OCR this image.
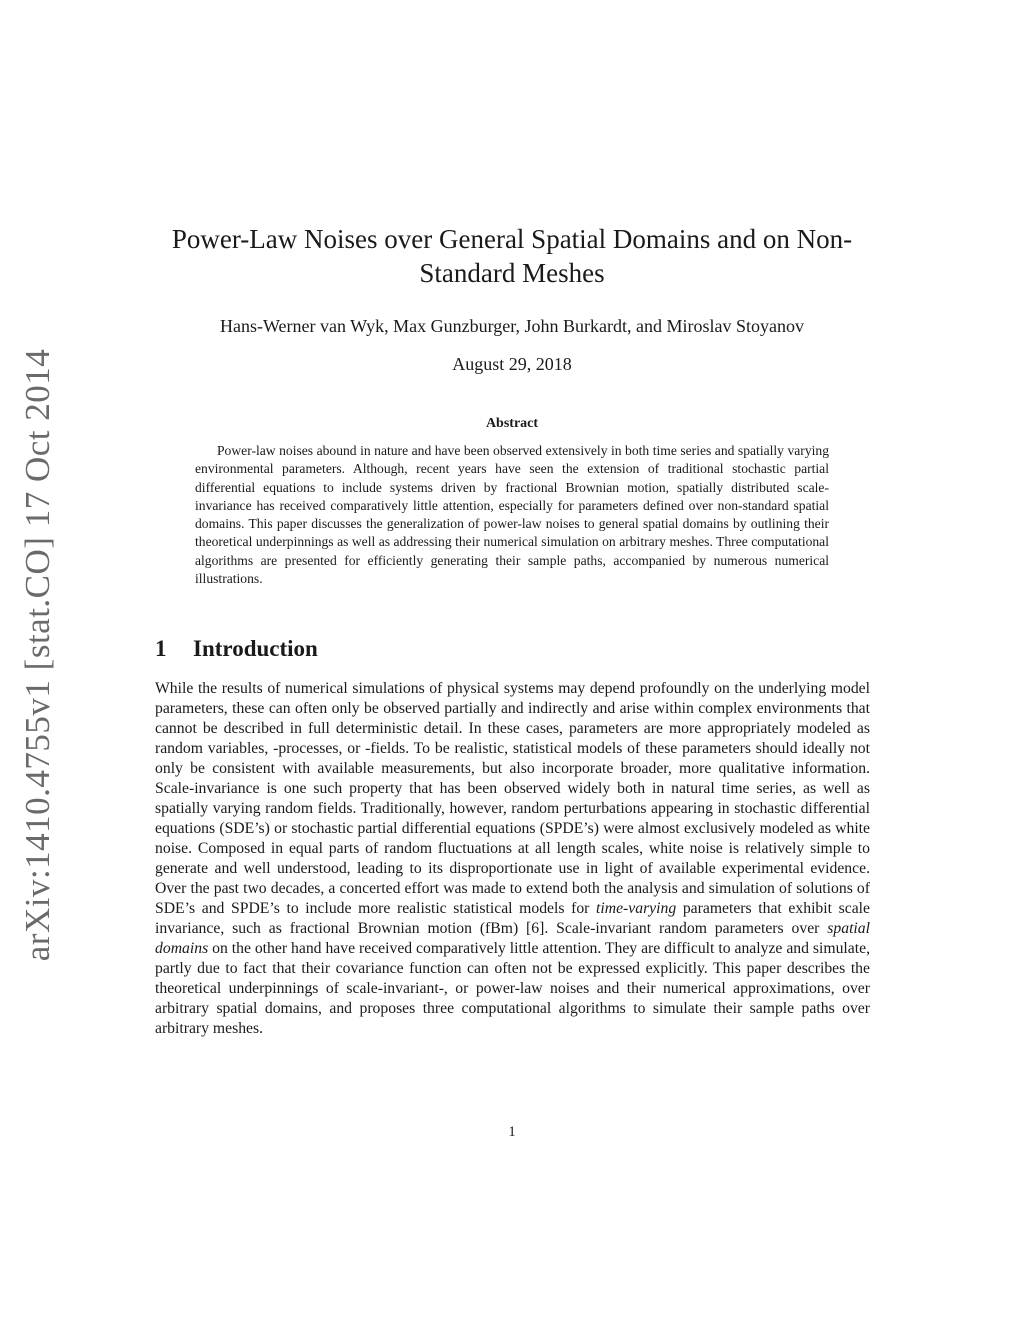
arXiv:1410.4755v1 [stat.CO] 17 Oct 2014
Power-Law Noises over General Spatial Domains and on Non-Standard Meshes
Hans-Werner van Wyk, Max Gunzburger, John Burkardt, and Miroslav Stoyanov
August 29, 2018
Abstract

Power-law noises abound in nature and have been observed extensively in both time series and spatially varying environmental parameters. Although, recent years have seen the extension of traditional stochastic partial differential equations to include systems driven by fractional Brownian motion, spatially distributed scale-invariance has received comparatively little attention, especially for parameters defined over non-standard spatial domains. This paper discusses the generalization of power-law noises to general spatial domains by outlining their theoretical underpinnings as well as addressing their numerical simulation on arbitrary meshes. Three computational algorithms are presented for efficiently generating their sample paths, accompanied by numerous numerical illustrations.

1 Introduction

While the results of numerical simulations of physical systems may depend profoundly on the underlying model parameters, these can often only be observed partially and indirectly and arise within complex environments that cannot be described in full deterministic detail. In these cases, parameters are more appropriately modeled as random variables, -processes, or -fields. To be realistic, statistical models of these parameters should ideally not only be consistent with available measurements, but also incorporate broader, more qualitative information. Scale-invariance is one such property that has been observed widely both in natural time series, as well as spatially varying random fields. Traditionally, however, random perturbations appearing in stochastic differential equations (SDE’s) or stochastic partial differential equations (SPDE’s) were almost exclusively modeled as white noise. Composed in equal parts of random fluctuations at all length scales, white noise is relatively simple to generate and well understood, leading to its disproportionate use in light of available experimental evidence. Over the past two decades, a concerted effort was made to extend both the analysis and simulation of solutions of SDE’s and SPDE’s to include more realistic statistical models for time-varying parameters that exhibit scale invariance, such as fractional Brownian motion (fBm) [6]. Scale-invariant random parameters over spatial domains on the other hand have received comparatively little attention. They are difficult to analyze and simulate, partly due to fact that their covariance function can often not be expressed explicitly. This paper describes the theoretical underpinnings of scale-invariant-, or power-law noises and their numerical approximations, over arbitrary spatial domains, and proposes three computational algorithms to simulate their sample paths over arbitrary meshes.

1
